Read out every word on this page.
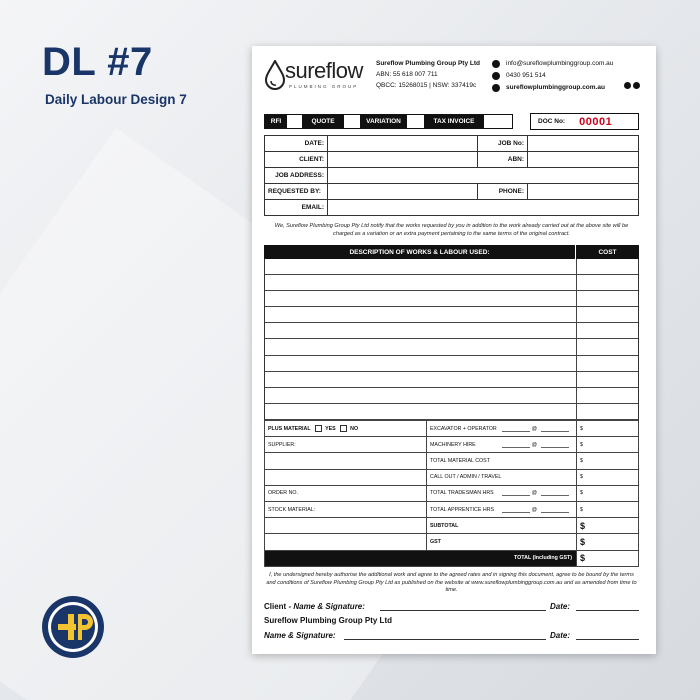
DL #7
Daily Labour Design 7
sureflow
PLUMBING GROUP
Sureflow Plumbing Group Pty Ltd
ABN: 55 618 007 711
QBCC: 15268015 | NSW: 337419c
info@sureflowplumbinggroup.com.au
0430 951 514
sureflowplumbinggroup.com.au
RFI	QUOTE	VARIATION	TAX INVOICE	DOC No: 00001
DATE:		JOB No:	
CLIENT:		ABN:	
JOB ADDRESS:			
REQUESTED BY:		PHONE:	
EMAIL:			
We, Sureflow Plumbing Group Pty Ltd notify that the works requested by you in addition to the work already carried out at the above site will be charged as a variation or an extra payment pertaining to the same terms of the original contract.
DESCRIPTION OF WORKS & LABOUR USED:	COST
PLUS MATERIAL YES NO	EXCAVATOR + OPERATOR @	$
SUPPLIER:	MACHINERY HIRE @	$
	TOTAL MATERIAL COST	$
	CALL OUT / ADMIN / TRAVEL	$
ORDER NO.	TOTAL TRADESMAN HRS @	$
STOCK MATERIAL:	TOTAL APPRENTICE HRS @	$
	SUBTOTAL	$
	GST	$
TOTAL (Including GST)		$
I, the undersigned hereby authorise the additional work and agree to the agreed rates and in signing this document, agree to be bound by the terms and conditions of Sureflow Plumbing Group Pty Ltd as published on the website at www.sureflowplumbinggroup.com.au and as amended from time to time.
Client - Name & Signature:	Date:
Sureflow Plumbing Group Pty Ltd
Name & Signature:	Date:
